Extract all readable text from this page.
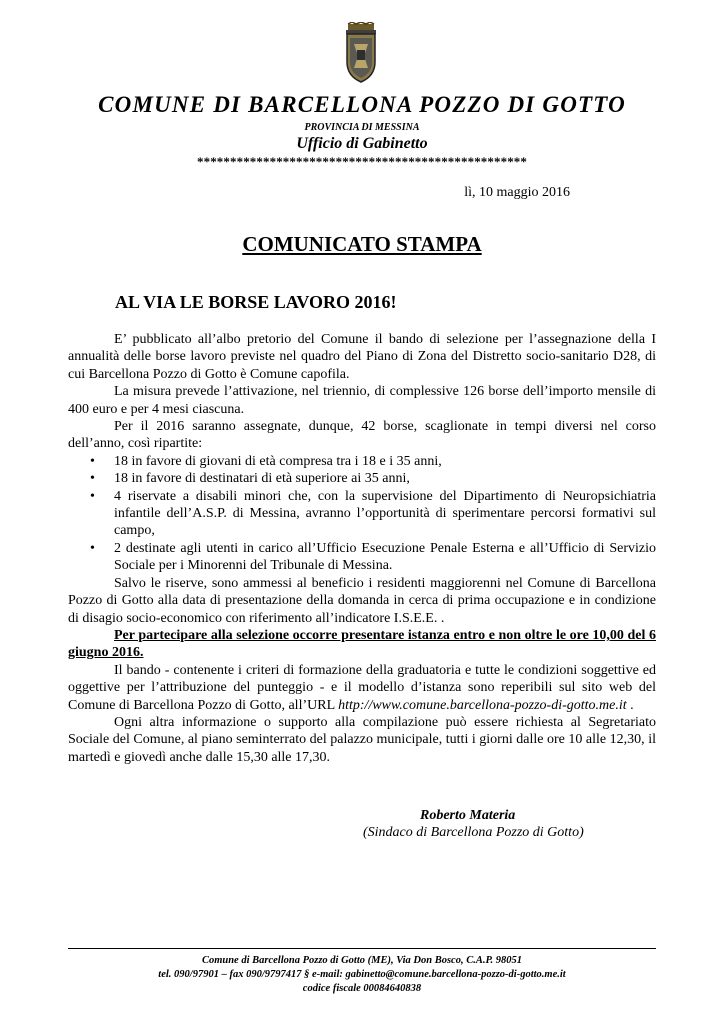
COMUNE DI BARCELLONA POZZO DI GOTTO
PROVINCIA DI MESSINA
Ufficio di Gabinetto
**************************************************
lì, 10 maggio 2016
COMUNICATO STAMPA
AL VIA LE BORSE LAVORO 2016!

E’ pubblicato all’albo pretorio del Comune il bando di selezione per l’assegnazione della I annualità delle borse lavoro previste nel quadro del Piano di Zona del Distretto socio-sanitario D28, di cui Barcellona Pozzo di Gotto è Comune capofila.

La misura prevede l’attivazione, nel triennio, di complessive 126 borse dell’importo mensile di 400 euro e per 4 mesi ciascuna.

Per il 2016 saranno assegnate, dunque, 42 borse, scaglionate in tempi diversi nel corso dell’anno, così ripartite:

• 18 in favore di giovani di età compresa tra i 18 e i 35 anni,
• 18 in favore di destinatari di età superiore ai 35 anni,
• 4 riservate a disabili minori che, con la supervisione del Dipartimento di Neuropsichiatria infantile dell’A.S.P. di Messina, avranno l’opportunità di sperimentare percorsi formativi sul campo,
• 2 destinate agli utenti in carico all’Ufficio Esecuzione Penale Esterna e all’Ufficio di Servizio Sociale per i Minorenni del Tribunale di Messina.

Salvo le riserve, sono ammessi al beneficio i residenti maggiorenni nel Comune di Barcellona Pozzo di Gotto alla data di presentazione della domanda in cerca di prima occupazione e in condizione di disagio socio-economico con riferimento all’indicatore I.S.E.E. .

Per partecipare alla selezione occorre presentare istanza entro e non oltre le ore 10,00 del 6 giugno 2016.

Il bando - contenente i criteri di formazione della graduatoria e tutte le condizioni soggettive ed oggettive per l’attribuzione del punteggio - e il modello d’istanza sono reperibili sul sito web del Comune di Barcellona Pozzo di Gotto, all’URL http://www.comune.barcellona-pozzo-di-gotto.me.it .

Ogni altra informazione o supporto alla compilazione può essere richiesta al Segretariato Sociale del Comune, al piano seminterrato del palazzo municipale, tutti i giorni dalle ore 10 alle 12,30, il martedì e giovedì anche dalle 15,30 alle 17,30.

Roberto Materia
(Sindaco di Barcellona Pozzo di Gotto)
Comune di Barcellona Pozzo di Gotto (ME), Via Don Bosco, C.A.P. 98051
tel. 090/97901 – fax 090/9797417 § e-mail: gabinetto@comune.barcellona-pozzo-di-gotto.me.it
codice fiscale 00084640838
